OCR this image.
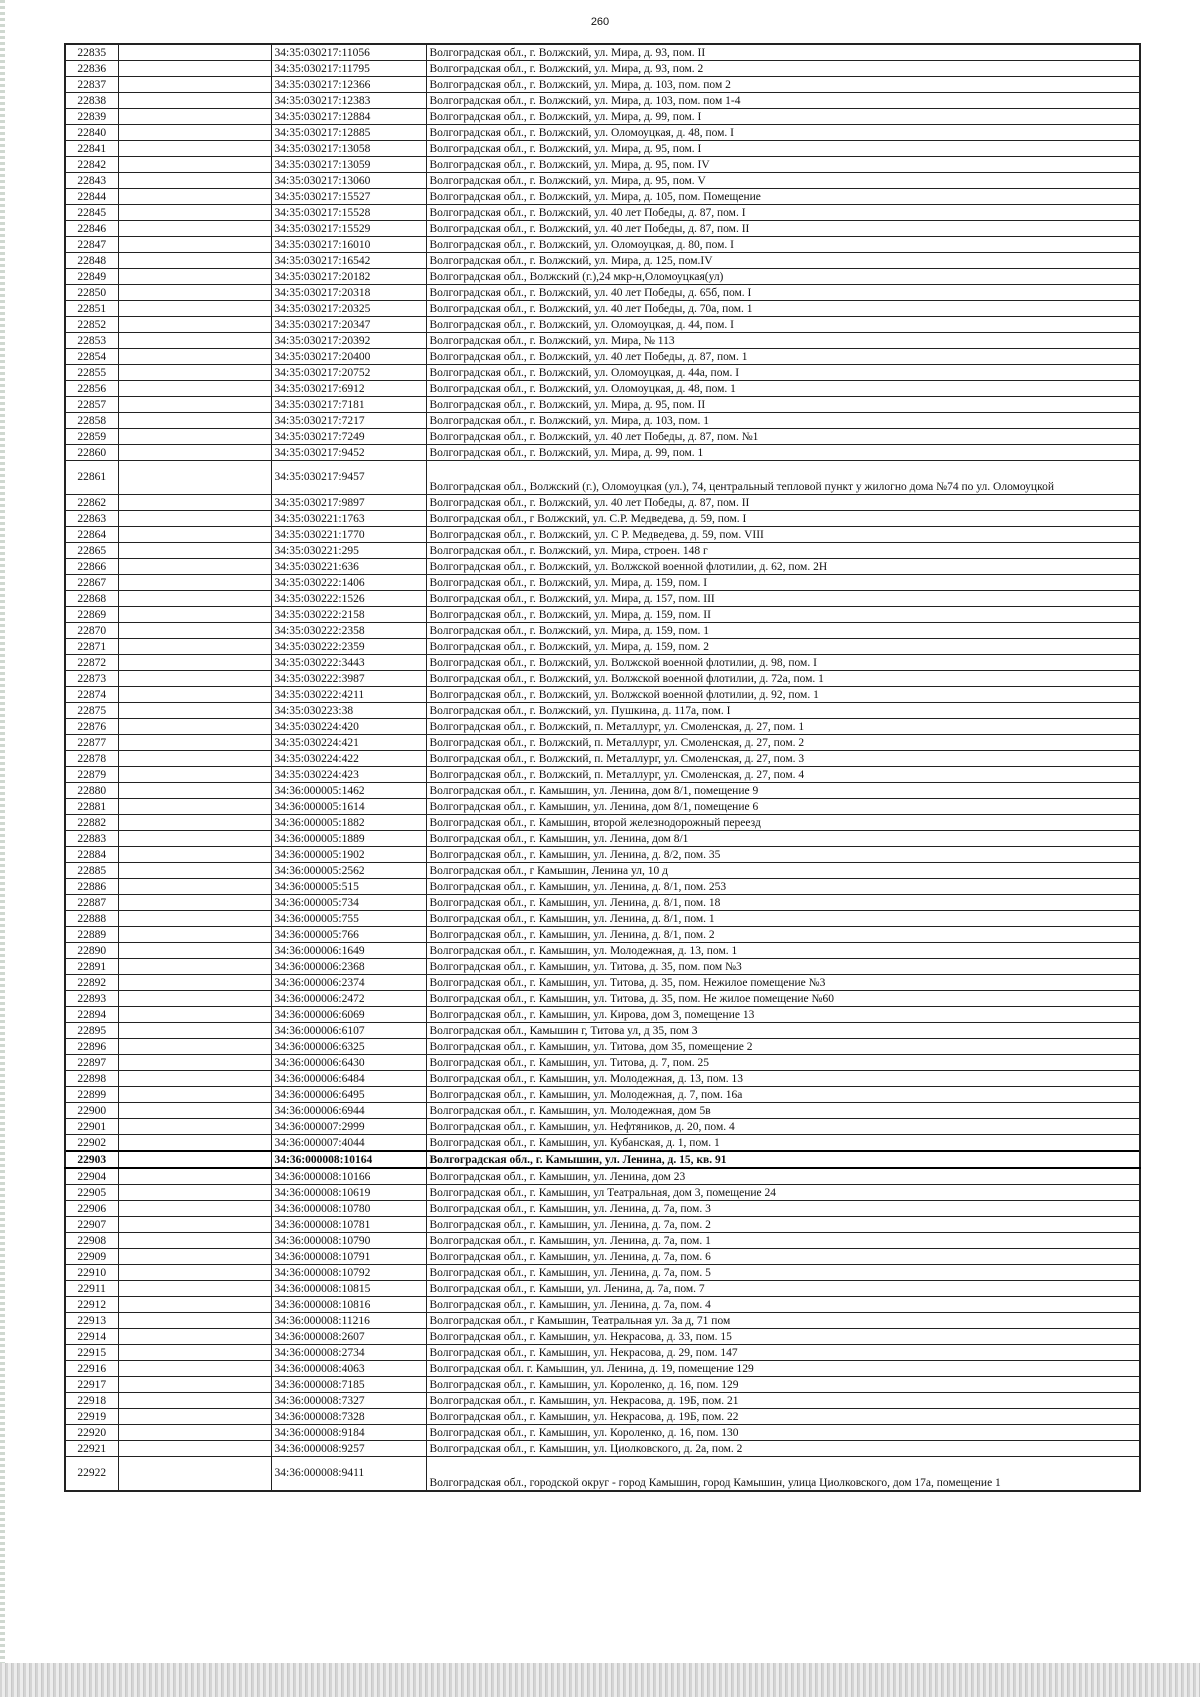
260
22835		34:35:030217:11056	Волгоградская обл., г. Волжский, ул. Мира, д. 93, пом. II
22836		34:35:030217:11795	Волгоградская обл., г. Волжский, ул. Мира, д. 93, пом. 2
22837		34:35:030217:12366	Волгоградская обл., г. Волжский, ул. Мира, д. 103, пом. пом 2
22838		34:35:030217:12383	Волгоградская обл., г. Волжский, ул. Мира, д. 103, пом. пом 1-4
22839		34:35:030217:12884	Волгоградская обл., г. Волжский, ул. Мира, д. 99, пом. I
22840		34:35:030217:12885	Волгоградская обл., г. Волжский, ул. Оломоуцкая, д. 48, пом. I
22841		34:35:030217:13058	Волгоградская обл., г. Волжский, ул. Мира, д. 95, пом. I
22842		34:35:030217:13059	Волгоградская обл., г. Волжский, ул. Мира, д. 95, пом. IV
22843		34:35:030217:13060	Волгоградская обл., г. Волжский, ул. Мира, д. 95, пом. V
22844		34:35:030217:15527	Волгоградская обл., г. Волжский, ул. Мира, д. 105, пом. Помещение
22845		34:35:030217:15528	Волгоградская обл., г. Волжский, ул. 40 лет Победы, д. 87, пом. I
22846		34:35:030217:15529	Волгоградская обл., г. Волжский, ул. 40 лет Победы, д. 87, пом. II
22847		34:35:030217:16010	Волгоградская обл., г. Волжский, ул. Оломоуцкая, д. 80, пом. I
22848		34:35:030217:16542	Волгоградская обл., г. Волжский, ул. Мира, д. 125, пом.IV
22849		34:35:030217:20182	Волгоградская обл., Волжский (г.),24 мкр-н,Оломоуцкая(ул)
22850		34:35:030217:20318	Волгоградская обл., г. Волжский, ул. 40 лет Победы, д. 65б, пом. I
22851		34:35:030217:20325	Волгоградская обл., г. Волжский, ул. 40 лет Победы, д. 70а, пом. 1
22852		34:35:030217:20347	Волгоградская обл., г. Волжский, ул. Оломоуцкая, д. 44, пом. I
22853		34:35:030217:20392	Волгоградская обл., г. Волжский, ул. Мира, № 113
22854		34:35:030217:20400	Волгоградская обл., г. Волжский, ул. 40 лет Победы, д. 87, пом. 1
22855		34:35:030217:20752	Волгоградская обл., г. Волжский, ул. Оломоуцкая, д. 44а, пом. I
22856		34:35:030217:6912	Волгоградская обл., г. Волжский, ул. Оломоуцкая, д. 48, пом. 1
22857		34:35:030217:7181	Волгоградская обл., г. Волжский, ул. Мира, д. 95, пом. II
22858		34:35:030217:7217	Волгоградская обл., г. Волжский, ул. Мира, д. 103, пом. 1
22859		34:35:030217:7249	Волгоградская обл., г. Волжский, ул. 40 лет Победы, д. 87, пом. №1
22860		34:35:030217:9452	Волгоградская обл., г. Волжский, ул. Мира, д. 99, пом. 1
22861		34:35:030217:9457	Волгоградская обл., Волжский (г.), Оломоуцкая (ул.), 74, центральный тепловой пункт у жилогно дома №74 по ул. Оломоуцкой
22862		34:35:030217:9897	Волгоградская обл., г. Волжский, ул. 40 лет Победы, д. 87, пом. II
22863		34:35:030221:1763	Волгоградская обл., г Волжский, ул. С.Р. Медведева, д. 59, пом. I
22864		34:35:030221:1770	Волгоградская обл., г. Волжский, ул. С Р. Медведева, д. 59, пом. VIII
22865		34:35:030221:295	Волгоградская обл., г. Волжский, ул. Мира, строен. 148 г
22866		34:35:030221:636	Волгоградская обл., г. Волжский, ул. Волжской военной флотилии, д. 62, пом. 2Н
22867		34:35:030222:1406	Волгоградская обл., г. Волжский, ул. Мира, д. 159, пом. I
22868		34:35:030222:1526	Волгоградская обл., г. Волжский, ул. Мира, д. 157, пом. III
22869		34:35:030222:2158	Волгоградская обл., г. Волжский, ул. Мира, д. 159, пом. II
22870		34:35:030222:2358	Волгоградская обл., г. Волжский, ул. Мира, д. 159, пом. 1
22871		34:35:030222:2359	Волгоградская обл., г. Волжский, ул. Мира, д. 159, пом. 2
22872		34:35:030222:3443	Волгоградская обл., г. Волжский, ул. Волжской военной флотилии, д. 98, пом. I
22873		34:35:030222:3987	Волгоградская обл., г. Волжский, ул. Волжской военной флотилии, д. 72а, пом. 1
22874		34:35:030222:4211	Волгоградская обл., г. Волжский, ул. Волжской военной флотилии, д. 92, пом. 1
22875		34:35:030223:38	Волгоградская обл., г. Волжский, ул. Пушкина, д. 117а, пом. I
22876		34:35:030224:420	Волгоградская обл., г. Волжский, п. Металлург, ул. Смоленская, д. 27, пом. 1
22877		34:35:030224:421	Волгоградская обл., г. Волжский, п. Металлург, ул. Смоленская, д. 27, пом. 2
22878		34:35:030224:422	Волгоградская обл., г. Волжский, п. Металлург, ул. Смоленская, д. 27, пом. 3
22879		34:35:030224:423	Волгоградская обл., г. Волжский, п. Металлург, ул. Смоленская, д. 27, пом. 4
22880		34:36:000005:1462	Волгоградская обл., г. Камышин, ул. Ленина, дом 8/1, помещение 9
22881		34:36:000005:1614	Волгоградская обл., г. Камышин, ул. Ленина, дом 8/1, помещение 6
22882		34:36:000005:1882	Волгоградская обл., г. Камышин, второй железнодорожный переезд
22883		34:36:000005:1889	Волгоградская обл., г. Камышин, ул. Ленина, дом 8/1
22884		34:36:000005:1902	Волгоградская обл., г. Камышин, ул. Ленина, д. 8/2, пом. 35
22885		34:36:000005:2562	Волгоградская обл., г Камышин, Ленина ул, 10 д
22886		34:36:000005:515	Волгоградская обл., г. Камышин, ул. Ленина, д. 8/1, пом. 253
22887		34:36:000005:734	Волгоградская обл., г. Камышин, ул. Ленина, д. 8/1, пом. 18
22888		34:36:000005:755	Волгоградская обл., г. Камышин, ул. Ленина, д. 8/1, пом. 1
22889		34:36:000005:766	Волгоградская обл., г. Камышин, ул. Ленина, д. 8/1, пом. 2
22890		34:36:000006:1649	Волгоградская обл., г. Камышин, ул. Молодежная, д. 13, пом. 1
22891		34:36:000006:2368	Волгоградская обл., г. Камышин, ул. Титова, д. 35, пом. пом №3
22892		34:36:000006:2374	Волгоградская обл., г. Камышин, ул. Титова, д. 35, пом. Нежилое помещение №3
22893		34:36:000006:2472	Волгоградская обл., г. Камышин, ул. Титова, д. 35, пом. Не жилое помещение №60
22894		34:36:000006:6069	Волгоградская обл., г. Камышин, ул. Кирова, дом 3, помещение 13
22895		34:36:000006:6107	Волгоградская обл., Камышин г, Титова ул, д 35, пом 3
22896		34:36:000006:6325	Волгоградская обл., г. Камышин, ул. Титова, дом 35, помещение 2
22897		34:36:000006:6430	Волгоградская обл., г. Камышин, ул. Титова, д. 7, пом. 25
22898		34:36:000006:6484	Волгоградская обл., г. Камышин, ул. Молодежная, д. 13, пом. 13
22899		34:36:000006:6495	Волгоградская обл., г. Камышин, ул. Молодежная, д. 7, пом. 16а
22900		34:36:000006:6944	Волгоградская обл., г. Камышин, ул. Молодежная, дом 5в
22901		34:36:000007:2999	Волгоградская обл., г. Камышин, ул. Нефтяников, д. 20, пом. 4
22902		34:36:000007:4044	Волгоградская обл., г. Камышин, ул. Кубанская, д. 1, пом. 1
22903		34:36:000008:10164	Волгоградская обл., г. Камышин, ул. Ленина, д. 15, кв. 91
22904		34:36:000008:10166	Волгоградская обл., г. Камышин, ул. Ленина, дом 23
22905		34:36:000008:10619	Волгоградская обл., г. Камышин, ул Театральная, дом 3, помещение 24
22906		34:36:000008:10780	Волгоградская обл., г. Камышин, ул. Ленина, д. 7а, пом. 3
22907		34:36:000008:10781	Волгоградская обл., г. Камышин, ул. Ленина, д. 7а, пом. 2
22908		34:36:000008:10790	Волгоградская обл., г. Камышин, ул. Ленина, д. 7а, пом. 1
22909		34:36:000008:10791	Волгоградская обл., г. Камышин, ул. Ленина, д. 7а, пом. 6
22910		34:36:000008:10792	Волгоградская обл., г. Камышин, ул. Ленина, д. 7а, пом. 5
22911		34:36:000008:10815	Волгоградская обл., г. Камыши, ул. Ленина, д. 7а, пом. 7
22912		34:36:000008:10816	Волгоградская обл., г. Камышин, ул. Ленина, д. 7а, пом. 4
22913		34:36:000008:11216	Волгоградская обл., г Камышин, Театральная ул. 3а д, 71 пом
22914		34:36:000008:2607	Волгоградская обл., г. Камышин, ул. Некрасова, д. 33, пом. 15
22915		34:36:000008:2734	Волгоградская обл., г. Камышин, ул. Некрасова, д. 29, пом. 147
22916		34:36:000008:4063	Волгоградская обл. г. Камышин, ул. Ленина, д. 19, помещение 129
22917		34:36:000008:7185	Волгоградская обл., г. Камышин, ул. Короленко, д. 16, пом. 129
22918		34:36:000008:7327	Волгоградская обл., г. Камышин, ул. Некрасова, д. 19Б, пом. 21
22919		34:36:000008:7328	Волгоградская обл., г. Камышин, ул. Некрасова, д. 19Б, пом. 22
22920		34:36:000008:9184	Волгоградская обл., г. Камышин, ул. Короленко, д. 16, пом. 130
22921		34:36:000008:9257	Волгоградская обл., г. Камышин, ул. Циолковского, д. 2а, пом. 2
22922		34:36:000008:9411	Волгоградская обл., городской округ - город Камышин, город Камышин, улица Циолковского, дом 17а, помещение 1
